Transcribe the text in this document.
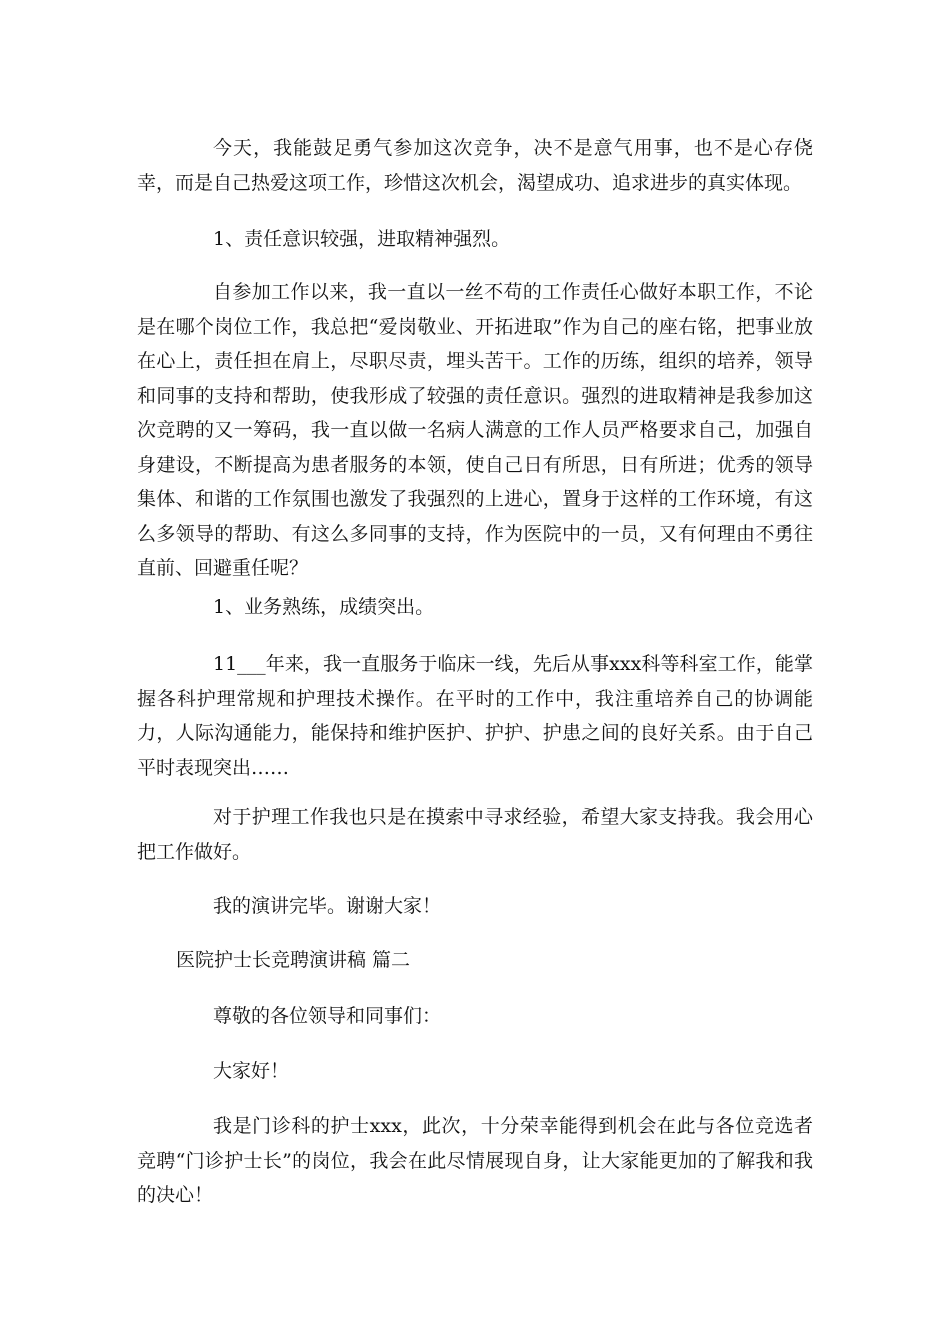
今天，我能鼓足勇气参加这次竞争，决不是意气用事，也不是心存侥幸，而是自己热爱这项工作，珍惜这次机会，渴望成功、追求进步的真实体现。

1、责任意识较强，进取精神强烈。

自参加工作以来，我一直以一丝不苟的工作责任心做好本职工作，不论是在哪个岗位工作，我总把“爱岗敬业、开拓进取”作为自己的座右铭，把事业放在心上，责任担在肩上，尽职尽责，埋头苦干。工作的历练，组织的培养，领导和同事的支持和帮助，使我形成了较强的责任意识。强烈的进取精神是我参加这次竞聘的又一筹码，我一直以做一名病人满意的工作人员严格要求自己，加强自身建设，不断提高为患者服务的本领，使自己日有所思，日有所进；优秀的领导集体、和谐的工作氛围也激发了我强烈的上进心，置身于这样的工作环境，有这么多领导的帮助、有这么多同事的支持，作为医院中的一员，又有何理由不勇往直前、回避重任呢？

1、业务熟练，成绩突出。

11___年来，我一直服务于临床一线，先后从事xxx科等科室工作，能掌握各科护理常规和护理技术操作。在平时的工作中，我注重培养自己的协调能力，人际沟通能力，能保持和维护医护、护护、护患之间的良好关系。由于自己平时表现突出……

对于护理工作我也只是在摸索中寻求经验，希望大家支持我。我会用心把工作做好。

我的演讲完毕。谢谢大家！

医院护士长竞聘演讲稿 篇二

尊敬的各位领导和同事们：

大家好！

我是门诊科的护士xxx，此次，十分荣幸能得到机会在此与各位竞选者竞聘“门诊护士长”的岗位，我会在此尽情展现自身，让大家能更加的了解我和我的决心！
